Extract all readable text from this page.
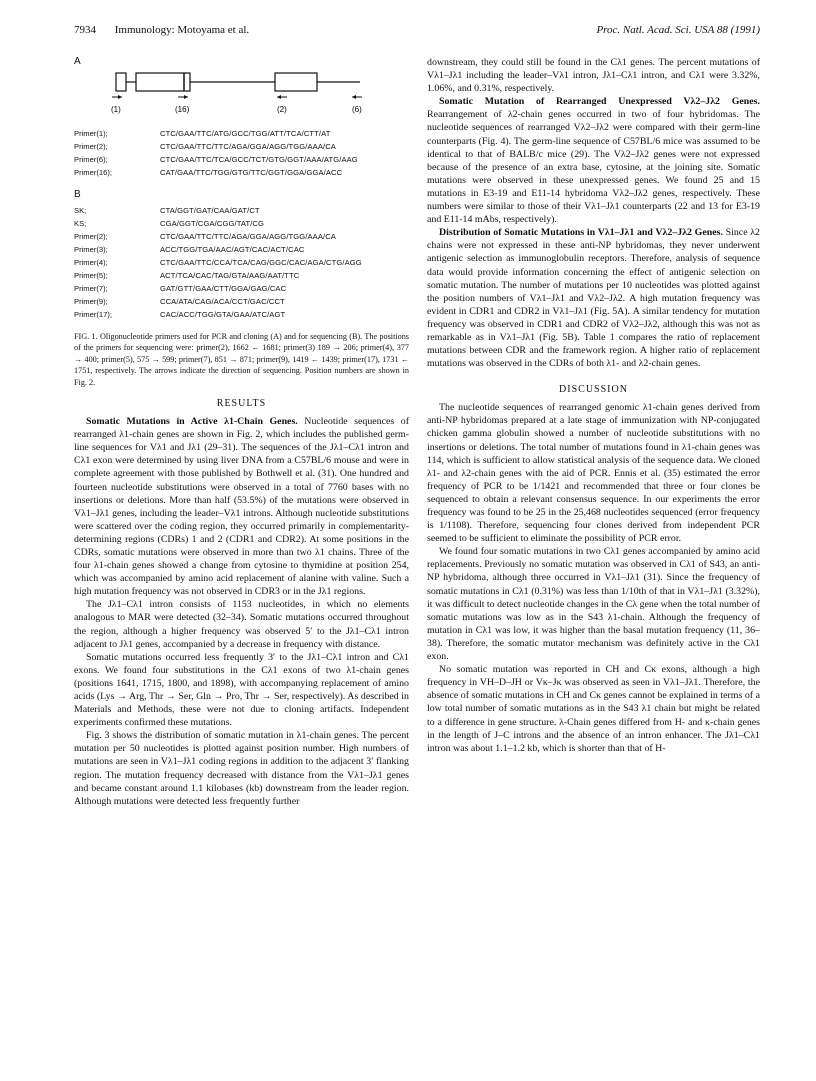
7934 Immunology: Motoyama et al.	Proc. Natl. Acad. Sci. USA 88 (1991)
A
(1)	(16)	(2)	(6)
Primer(1);	CTC/GAA/TTC/ATG/GCC/TGG/ATT/TCA/CTT/AT
Primer(2);	CTC/GAA/TTC/TTC/AGA/GGA/AGG/TGG/AAA/CA
Primer(6);	CTC/GAA/TTC/TCA/GCC/TCT/GTG/GGT/AAA/ATG/AAG
Primer(16);	CAT/GAA/TTC/TGG/GTG/TTC/GGT/GGA/GGA/ACC
B
SK;	CTA/GGT/GAT/CAA/GAT/CT
KS;	CGA/GGT/CGA/CGG/TAT/CG
Primer(2);	CTC/GAA/TTC/TTC/AGA/GGA/AGG/TGG/AAA/CA
Primer(3);	ACC/TGG/TGA/AAC/AGT/CAC/ACT/CAC
Primer(4);	CTC/GAA/TTC/CCA/TCA/CAG/GGC/CAC/AGA/CTG/AGG
Primer(5);	ACT/TCA/CAC/TAG/GTA/AAG/AAT/TTC
Primer(7);	GAT/GTT/GAA/CTT/GGA/GAG/CAC
Primer(9);	CCA/ATA/CAG/ACA/CCT/GAC/CCT
Primer(17);	CAC/ACC/TGG/GTA/GAA/ATC/AGT
FIG. 1. Oligonucleotide primers used for PCR and cloning (A) and for sequencing (B). The positions of the primers for sequencing were: primer(2), 1662 ← 1681; primer(3) 189 → 206; primer(4), 377 → 400; primer(5), 575 → 599; primer(7), 851 → 871; primer(9), 1419 ← 1439; primer(17), 1731 ← 1751, respectively. The arrows indicate the direction of sequencing. Position numbers are shown in Fig. 2.
RESULTS

Somatic Mutations in Active λ1-Chain Genes. Nucleotide sequences of rearranged λ1-chain genes are shown in Fig. 2, which includes the published germ-line sequences for Vλ1 and Jλ1 (29–31). The sequences of the Jλ1–Cλ1 intron and Cλ1 exon were determined by using liver DNA from a C57BL/6 mouse and were in complete agreement with those published by Bothwell et al. (31). One hundred and fourteen nucleotide substitutions were observed in a total of 7760 bases with no insertions or deletions. More than half (53.5%) of the mutations were observed in Vλ1–Jλ1 genes, including the leader–Vλ1 introns. Although nucleotide substitutions were scattered over the coding region, they occurred primarily in complementarity-determining regions (CDRs) 1 and 2 (CDR1 and CDR2). At some positions in the CDRs, somatic mutations were observed in more than two λ1 chains. Three of the four λ1-chain genes showed a change from cytosine to thymidine at position 254, which was accompanied by amino acid replacement of alanine with valine. Such a high mutation frequency was not observed in CDR3 or in the Jλ1 regions.

The Jλ1–Cλ1 intron consists of 1153 nucleotides, in which no elements analogous to MAR were detected (32–34). Somatic mutations occurred throughout the region, although a higher frequency was observed 5′ to the Jλ1–Cλ1 intron adjacent to Jλ1 genes, accompanied by a decrease in frequency with distance.

Somatic mutations occurred less frequently 3′ to the Jλ1–Cλ1 intron and Cλ1 exons. We found four substitutions in the Cλ1 exons of two λ1-chain genes (positions 1641, 1715, 1800, and 1898), with accompanying replacement of amino acids (Lys → Arg, Thr → Ser, Gln → Pro, Thr → Ser, respectively). As described in Materials and Methods, these were not due to cloning artifacts. Independent experiments confirmed these mutations.

Fig. 3 shows the distribution of somatic mutation in λ1-chain genes. The percent mutation per 50 nucleotides is plotted against position number. High numbers of mutations are seen in Vλ1–Jλ1 coding regions in addition to the adjacent 3′ flanking region. The mutation frequency decreased with distance from the Vλ1–Jλ1 genes and became constant around 1.1 kilobases (kb) downstream from the leader region. Although mutations were detected less frequently further

downstream, they could still be found in the Cλ1 genes. The percent mutations of Vλ1–Jλ1 including the leader–Vλ1 intron, Jλ1–Cλ1 intron, and Cλ1 were 3.32%, 1.06%, and 0.31%, respectively.

Somatic Mutation of Rearranged Unexpressed Vλ2–Jλ2 Genes. Rearrangement of λ2-chain genes occurred in two of four hybridomas. The nucleotide sequences of rearranged Vλ2–Jλ2 were compared with their germ-line counterparts (Fig. 4). The germ-line sequence of C57BL/6 mice was assumed to be identical to that of BALB/c mice (29). The Vλ2–Jλ2 genes were not expressed because of the presence of an extra base, cytosine, at the joining site. Somatic mutations were observed in these unexpressed genes. We found 25 and 15 mutations in E3-19 and E11-14 hybridoma Vλ2–Jλ2 genes, respectively. These numbers were similar to those of their Vλ1–Jλ1 counterparts (22 and 13 for E3-19 and E11-14 mAbs, respectively).

Distribution of Somatic Mutations in Vλ1–Jλ1 and Vλ2–Jλ2 Genes. Since λ2 chains were not expressed in these anti-NP hybridomas, they never underwent antigenic selection as immunoglobulin receptors. Therefore, analysis of sequence data would provide information concerning the effect of antigenic selection on somatic mutation. The number of mutations per 10 nucleotides was plotted against the position numbers of Vλ1–Jλ1 and Vλ2–Jλ2. A high mutation frequency was evident in CDR1 and CDR2 in Vλ1–Jλ1 (Fig. 5A). A similar tendency for mutation frequency was observed in CDR1 and CDR2 of Vλ2–Jλ2, although this was not as remarkable as in Vλ1–Jλ1 (Fig. 5B). Table 1 compares the ratio of replacement mutations between CDR and the framework region. A higher ratio of replacement mutations was observed in the CDRs of both λ1- and λ2-chain genes.

DISCUSSION

The nucleotide sequences of rearranged genomic λ1-chain genes derived from anti-NP hybridomas prepared at a late stage of immunization with NP-conjugated chicken gamma globulin showed a number of nucleotide substitutions with no insertions or deletions. The total number of mutations found in λ1-chain genes was 114, which is sufficient to allow statistical analysis of the sequence data. We cloned λ1- and λ2-chain genes with the aid of PCR. Ennis et al. (35) estimated the error frequency of PCR to be 1/1421 and recommended that three or four clones be sequenced to obtain a relevant consensus sequence. In our experiments the error frequency was found to be 25 in the 25,468 nucleotides sequenced (error frequency is 1/1108). Therefore, sequencing four clones derived from independent PCR seemed to be sufficient to eliminate the possibility of PCR error.

We found four somatic mutations in two Cλ1 genes accompanied by amino acid replacements. Previously no somatic mutation was observed in Cλ1 of S43, an anti-NP hybridoma, although three occurred in Vλ1–Jλ1 (31). Since the frequency of somatic mutations in Cλ1 (0.31%) was less than 1/10th of that in Vλ1–Jλ1 (3.32%), it was difficult to detect nucleotide changes in the Cλ gene when the total number of somatic mutations was low as in the S43 λ1-chain. Although the frequency of mutation in Cλ1 was low, it was higher than the basal mutation frequency (11, 36–38). Therefore, the somatic mutator mechanism was definitely active in the Cλ1 exon.

No somatic mutation was reported in CH and Cκ exons, although a high frequency in VH–D–JH or Vκ–Jκ was observed as seen in Vλ1–Jλ1. Therefore, the absence of somatic mutations in CH and Cκ genes cannot be explained in terms of a low total number of somatic mutations as in the S43 λ1 chain but might be related to a difference in gene structure. λ-Chain genes differed from H- and κ-chain genes in the length of J–C introns and the absence of an intron enhancer. The Jλ1–Cλ1 intron was about 1.1–1.2 kb, which is shorter than that of H-
